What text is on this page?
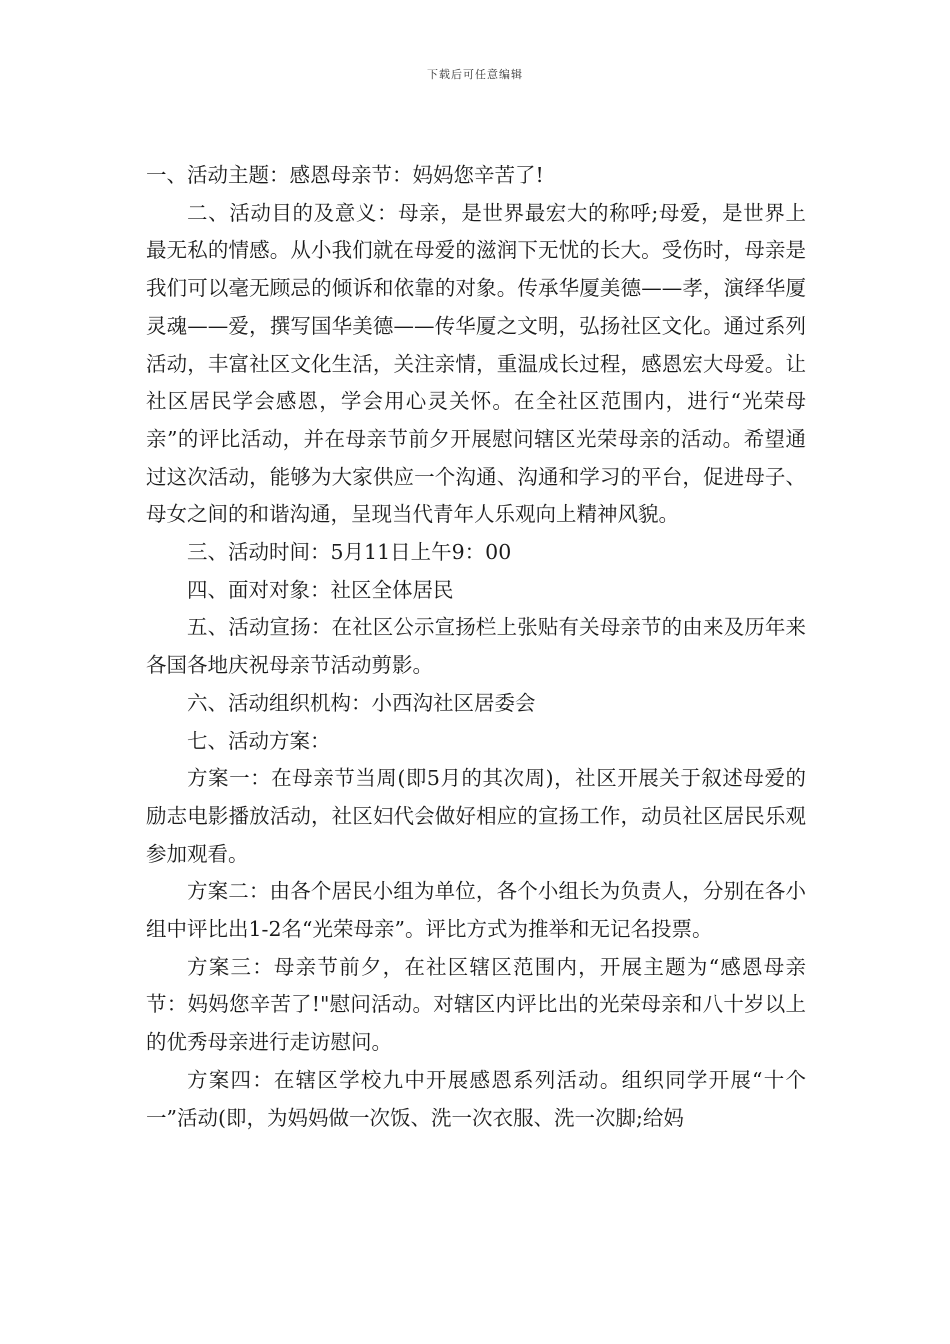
下载后可任意编辑

一、活动主题：感恩母亲节：妈妈您辛苦了!

二、活动目的及意义：母亲，是世界最宏大的称呼;母爱，是世界上最无私的情感。从小我们就在母爱的滋润下无忧的长大。受伤时，母亲是我们可以毫无顾忌的倾诉和依靠的对象。传承华厦美德——孝，演绎华厦灵魂——爱，撰写国华美德——传华厦之文明，弘扬社区文化。通过系列活动，丰富社区文化生活，关注亲情，重温成长过程，感恩宏大母爱。让社区居民学会感恩，学会用心灵关怀。在全社区范围内，进行“光荣母亲”的评比活动，并在母亲节前夕开展慰问辖区光荣母亲的活动。希望通过这次活动，能够为大家供应一个沟通、沟通和学习的平台，促进母子、母女之间的和谐沟通，呈现当代青年人乐观向上精神风貌。

三、活动时间：5月11日上午9：00

四、面对对象：社区全体居民

五、活动宣扬：在社区公示宣扬栏上张贴有关母亲节的由来及历年来各国各地庆祝母亲节活动剪影。

六、活动组织机构：小西沟社区居委会

七、活动方案：

方案一：在母亲节当周(即5月的其次周)，社区开展关于叙述母爱的励志电影播放活动，社区妇代会做好相应的宣扬工作，动员社区居民乐观参加观看。

方案二：由各个居民小组为单位，各个小组长为负责人，分别在各小组中评比出1-2名“光荣母亲”。评比方式为推举和无记名投票。

方案三：母亲节前夕，在社区辖区范围内，开展主题为“感恩母亲节：妈妈您辛苦了!"慰问活动。对辖区内评比出的光荣母亲和八十岁以上的优秀母亲进行走访慰问。

方案四：在辖区学校九中开展感恩系列活动。组织同学开展“十个一”活动(即，为妈妈做一次饭、洗一次衣服、洗一次脚;给妈
